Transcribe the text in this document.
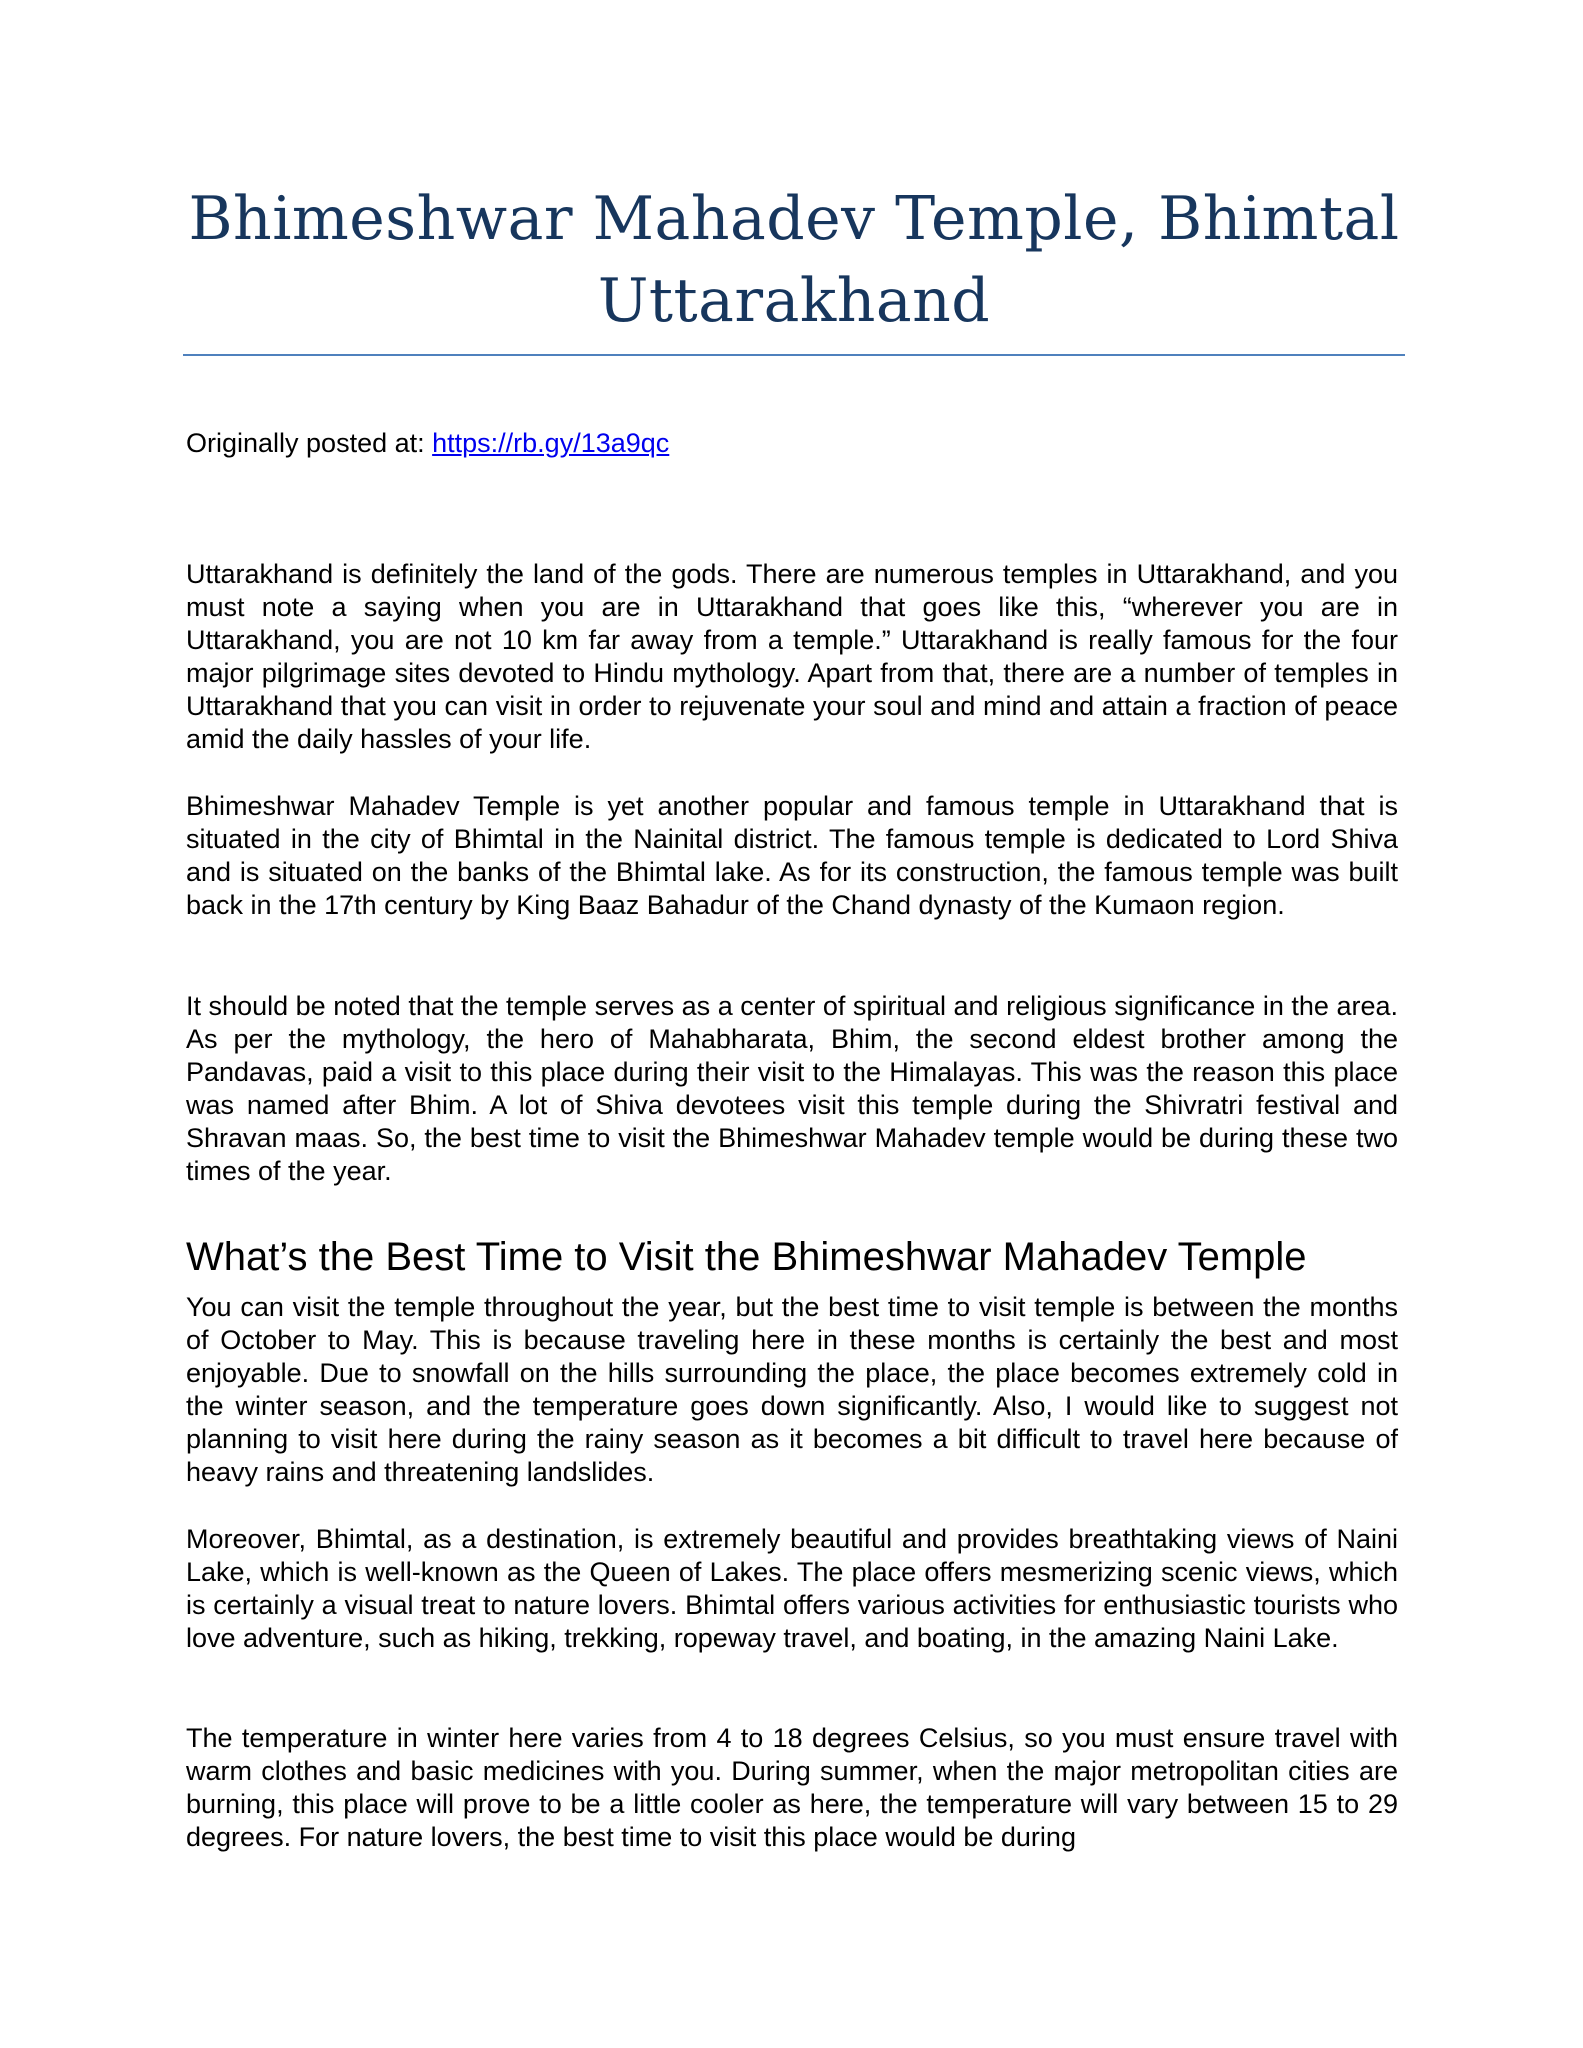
Bhimeshwar Mahadev Temple, Bhimtal
Uttarakhand
Originally posted at: https://rb.gy/13a9qc

Uttarakhand is definitely the land of the gods. There are numerous temples in Uttarakhand, and you must note a saying when you are in Uttarakhand that goes like this, “wherever you are in Uttarakhand, you are not 10 km far away from a temple.” Uttarakhand is really famous for the four major pilgrimage sites devoted to Hindu mythology. Apart from that, there are a number of temples in Uttarakhand that you can visit in order to rejuvenate your soul and mind and attain a fraction of peace amid the daily hassles of your life.

Bhimeshwar Mahadev Temple is yet another popular and famous temple in Uttarakhand that is situated in the city of Bhimtal in the Nainital district. The famous temple is dedicated to Lord Shiva and is situated on the banks of the Bhimtal lake. As for its construction, the famous temple was built back in the 17th century by King Baaz Bahadur of the Chand dynasty of the Kumaon region.

It should be noted that the temple serves as a center of spiritual and religious significance in the area. As per the mythology, the hero of Mahabharata, Bhim, the second eldest brother among the Pandavas, paid a visit to this place during their visit to the Himalayas. This was the reason this place was named after Bhim. A lot of Shiva devotees visit this temple during the Shivratri festival and Shravan maas. So, the best time to visit the Bhimeshwar Mahadev temple would be during these two times of the year.

What’s the Best Time to Visit the Bhimeshwar Mahadev Temple

You can visit the temple throughout the year, but the best time to visit temple is between the months of October to May. This is because traveling here in these months is certainly the best and most enjoyable. Due to snowfall on the hills surrounding the place, the place becomes extremely cold in the winter season, and the temperature goes down significantly. Also, I would like to suggest not planning to visit here during the rainy season as it becomes a bit difficult to travel here because of heavy rains and threatening landslides.

Moreover, Bhimtal, as a destination, is extremely beautiful and provides breathtaking views of Naini Lake, which is well-known as the Queen of Lakes. The place offers mesmerizing scenic views, which is certainly a visual treat to nature lovers. Bhimtal offers various activities for enthusiastic tourists who love adventure, such as hiking, trekking, ropeway travel, and boating, in the amazing Naini Lake.

The temperature in winter here varies from 4 to 18 degrees Celsius, so you must ensure travel with warm clothes and basic medicines with you. During summer, when the major metropolitan cities are burning, this place will prove to be a little cooler as here, the temperature will vary between 15 to 29 degrees. For nature lovers, the best time to visit this place would be during
